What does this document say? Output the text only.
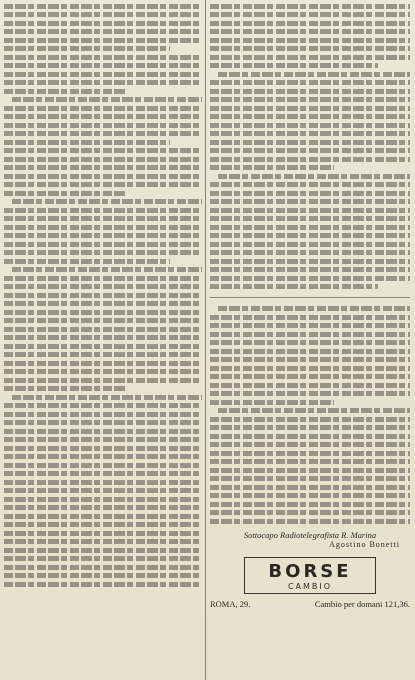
Sottocapo Radiotelegrafista R. Marina
Agostino Bonetti
BORSE
CAMBIO
ROMA, 29.	Cambio per domani 121,36.
